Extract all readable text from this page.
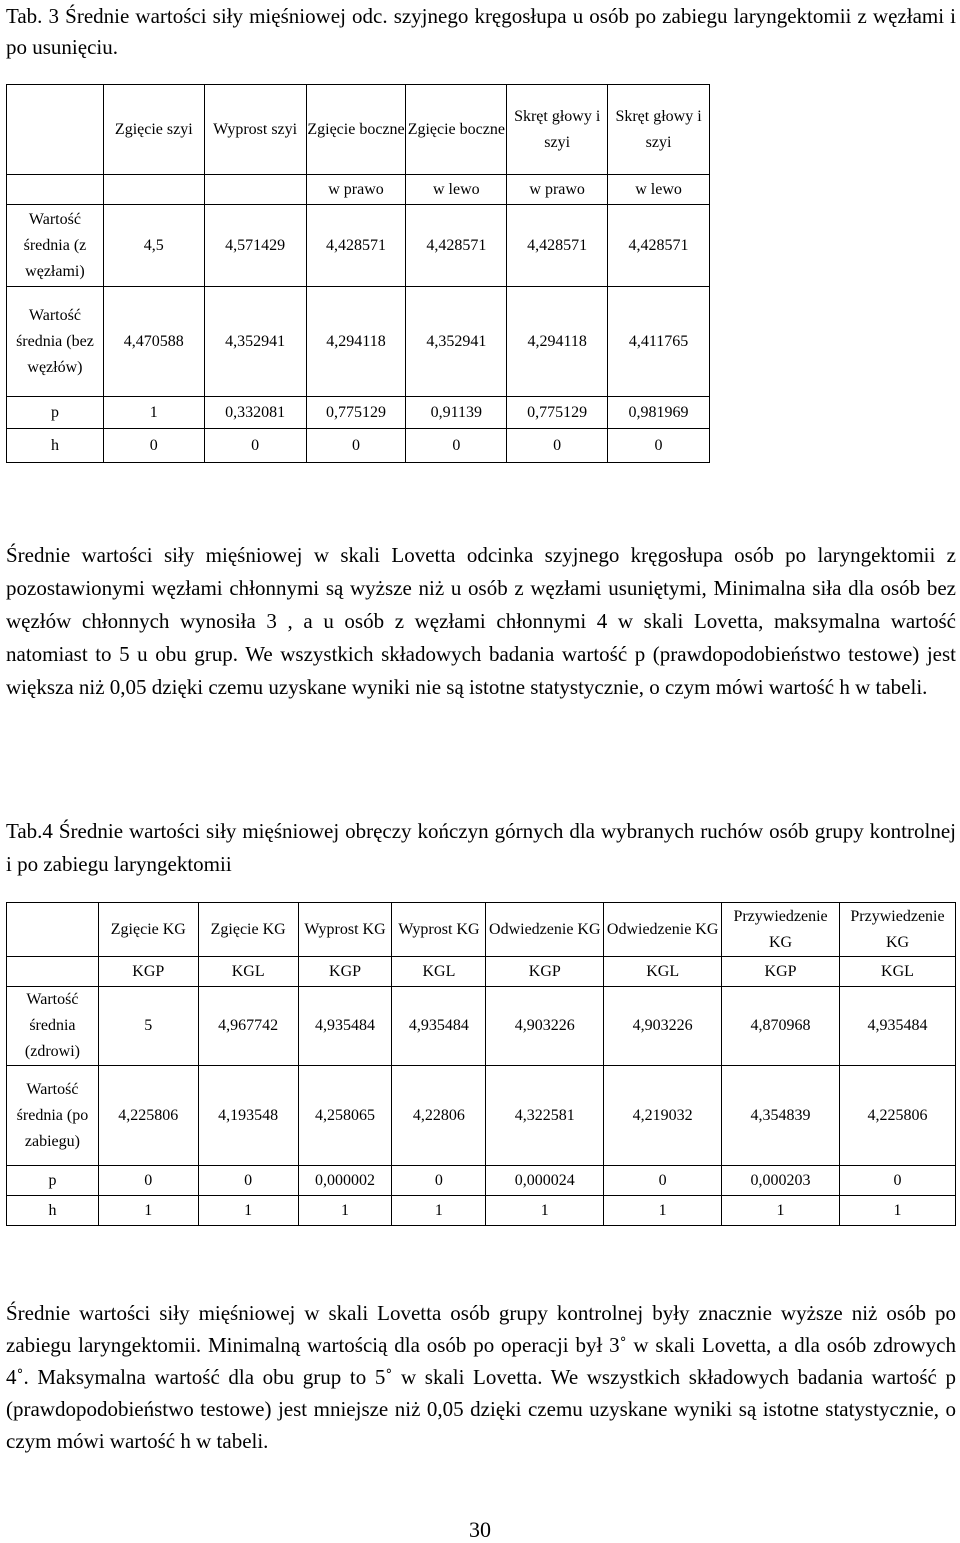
Tab. 3 Średnie wartości siły mięśniowej odc. szyjnego kręgosłupa u osób po zabiegu laryngektomii z węzłami i po usunięciu.
	Zgięcie szyi	Wyprost szyi	Zgięcie boczne	Zgięcie boczne	Skręt głowy i szyi	Skręt głowy i szyi
			w prawo	w lewo	w prawo	w lewo
Wartość średnia (z węzłami)	4,5	4,571429	4,428571	4,428571	4,428571	4,428571
Wartość średnia (bez węzłów)	4,470588	4,352941	4,294118	4,352941	4,294118	4,411765
p	1	0,332081	0,775129	0,91139	0,775129	0,981969
h	0	0	0	0	0	0
Średnie wartości siły mięśniowej w skali Lovetta odcinka szyjnego kręgosłupa osób po laryngektomii z pozostawionymi węzłami chłonnymi są wyższe niż u osób z węzłami usuniętymi, Minimalna siła dla osób bez węzłów chłonnych wynosiła 3 , a u osób z węzłami chłonnymi 4 w skali Lovetta, maksymalna wartość natomiast to 5 u obu grup. We wszystkich składowych badania wartość p (prawdopodobieństwo testowe) jest większa niż 0,05 dzięki czemu uzyskane wyniki nie są istotne statystycznie, o czym mówi wartość h w tabeli.
Tab.4 Średnie wartości siły mięśniowej obręczy kończyn górnych dla wybranych ruchów osób grupy kontrolnej i po zabiegu laryngektomii
	Zgięcie KG	Zgięcie KG	Wyprost KG	Wyprost KG	Odwiedzenie KG	Odwiedzenie KG	Przywiedzenie KG	Przywiedzenie KG
	KGP	KGL	KGP	KGL	KGP	KGL	KGP	KGL
Wartość średnia (zdrowi)	5	4,967742	4,935484	4,935484	4,903226	4,903226	4,870968	4,935484
Wartość średnia (po zabiegu)	4,225806	4,193548	4,258065	4,22806	4,322581	4,219032	4,354839	4,225806
p	0	0	0,000002	0	0,000024	0	0,000203	0
h	1	1	1	1	1	1	1	1
Średnie wartości siły mięśniowej w skali Lovetta osób grupy kontrolnej były znacznie wyższe niż osób po zabiegu laryngektomii. Minimalną wartością dla osób po operacji był 3˚ w skali Lovetta, a dla osób zdrowych 4˚. Maksymalna wartość dla obu grup to 5˚ w skali Lovetta. We wszystkich składowych badania wartość p (prawdopodobieństwo testowe) jest mniejsze niż 0,05 dzięki czemu uzyskane wyniki są istotne statystycznie, o czym mówi wartość h w tabeli.
30
